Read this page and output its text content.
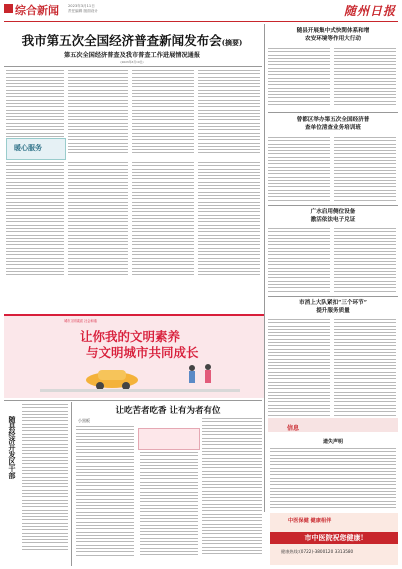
综合新闻	2023年3月11日
责任编辑 版面设计	随州日报
我市第五次全国经济普查新闻发布会(摘要)
第五次全国经济普查及我市普查工作进展情况通报
(2023年3月10日)
暖心服务
随县开展集中式快閑体系和增
农安环境等作用大行动
曾都区举办第五次全国经济普
查单位清查业务培训班
广水启用侧位设备
激活依法电子兑证
市消上大队紧扣“三个环节”
提升服务质量
信息
遗失声明
城市文明素质 社会和谐
让你我的文明素养
与文明城市共同成长
随县经济开发区干部
让吃苦者吃香 让有为者有位
小黑板
中医保健 健康相伴
市中医院祝您健康!
健康热线:(0722)-3800120 3313580
